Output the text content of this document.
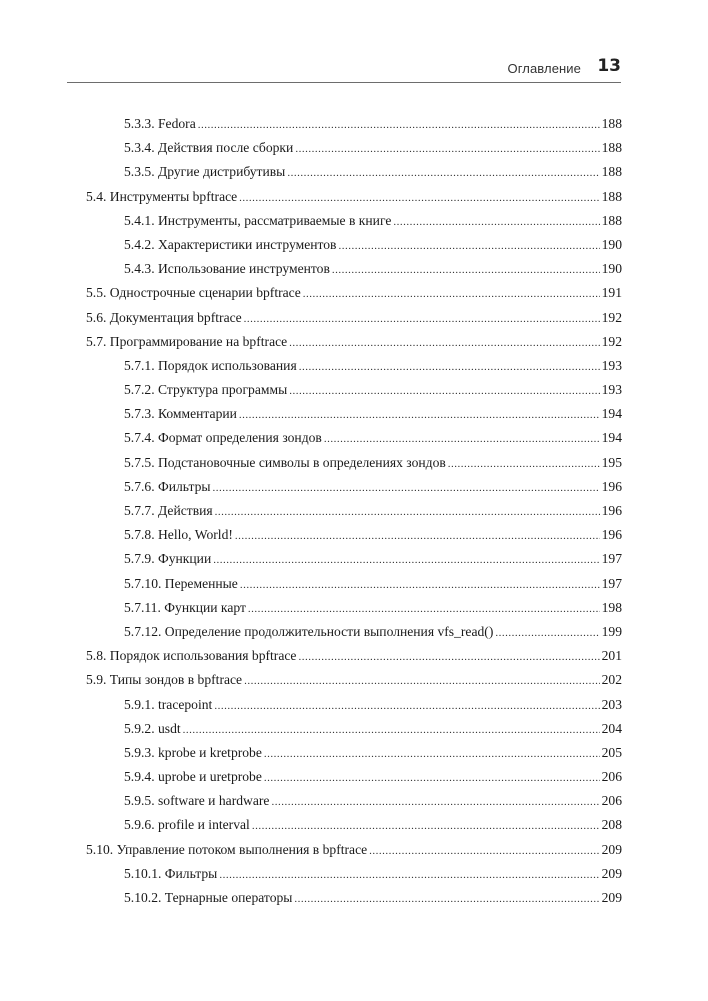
Оглавление 13
5.3.3. Fedora .....	188
5.3.4. Действия после сборки .....	188
5.3.5. Другие дистрибутивы .....	188
5.4. Инструменты bpftrace .....	188
5.4.1. Инструменты, рассматриваемые в книге .....	188
5.4.2. Характеристики инструментов .....	190
5.4.3. Использование инструментов .....	190
5.5. Однострочные сценарии bpftrace .....	191
5.6. Документация bpftrace .....	192
5.7. Программирование на bpftrace .....	192
5.7.1. Порядок использования .....	193
5.7.2. Структура программы .....	193
5.7.3. Комментарии .....	194
5.7.4. Формат определения зондов .....	194
5.7.5. Подстановочные символы в определениях зондов .....	195
5.7.6. Фильтры .....	196
5.7.7. Действия .....	196
5.7.8. Hello, World! .....	196
5.7.9. Функции .....	197
5.7.10. Переменные .....	197
5.7.11. Функции карт .....	198
5.7.12. Определение продолжительности выполнения vfs_read() .....	199
5.8. Порядок использования bpftrace .....	201
5.9. Типы зондов в bpftrace .....	202
5.9.1. tracepoint .....	203
5.9.2. usdt .....	204
5.9.3. kprobe и kretprobe .....	205
5.9.4. uprobe и uretprobe .....	206
5.9.5. software и hardware .....	206
5.9.6. profile и interval .....	208
5.10. Управление потоком выполнения в bpftrace .....	209
5.10.1. Фильтры .....	209
5.10.2. Тернарные операторы .....	209
